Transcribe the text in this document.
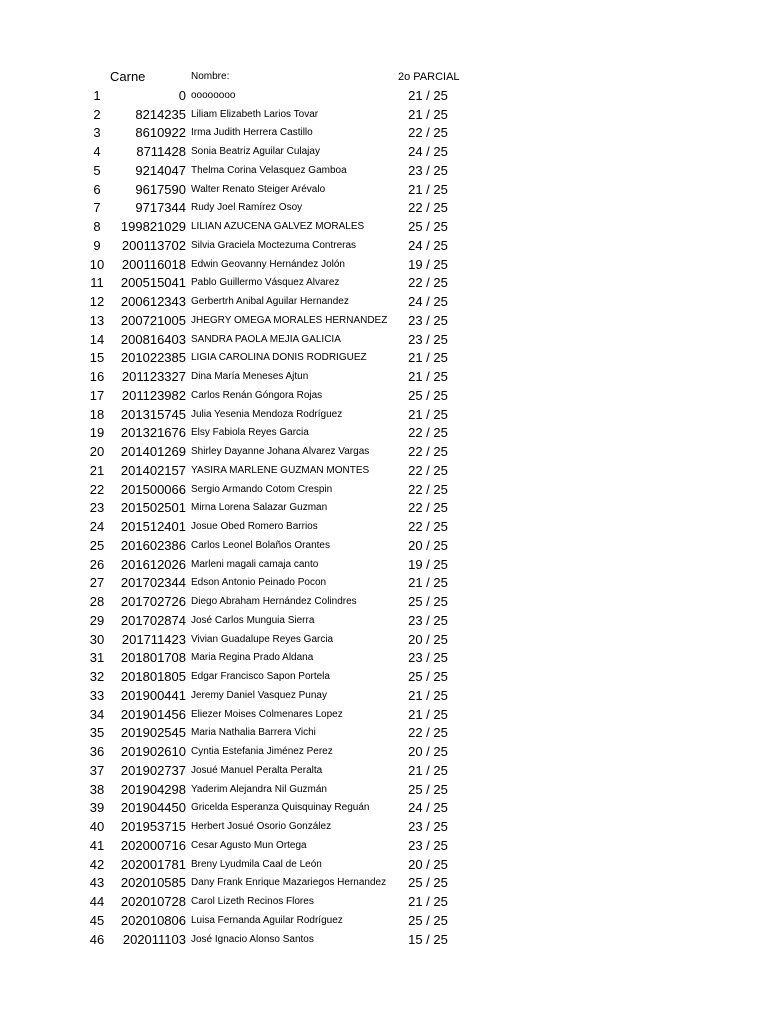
Carne	Nombre:	2o PARCIAL
1	0 oooooooo	21 / 25
2	8214235 Liliam Elizabeth Larios Tovar	21 / 25
3	8610922 Irma Judith Herrera Castillo	22 / 25
4	8711428 Sonia Beatriz Aguilar Culajay	24 / 25
5	9214047 Thelma Corina Velasquez Gamboa	23 / 25
6	9617590 Walter Renato Steiger Arévalo	21 / 25
7	9717344 Rudy Joel Ramírez Osoy	22 / 25
8	199821029 LILIAN AZUCENA GALVEZ MORALES	25 / 25
9	200113702 Silvia Graciela Moctezuma Contreras	24 / 25
10	200116018 Edwin Geovanny Hernández Jolón	19 / 25
11	200515041 Pablo Guillermo Vásquez Alvarez	22 / 25
12	200612343 Gerbertrh Anibal Aguilar Hernandez	24 / 25
13	200721005 JHEGRY OMEGA MORALES HERNANDEZ	23 / 25
14	200816403 SANDRA PAOLA MEJIA GALICIA	23 / 25
15	201022385 LIGIA CAROLINA DONIS RODRIGUEZ	21 / 25
16	201123327 Dina María Meneses Ajtun	21 / 25
17	201123982 Carlos Renán Góngora Rojas	25 / 25
18	201315745 Julia Yesenia Mendoza Rodríguez	21 / 25
19	201321676 Elsy Fabiola Reyes Garcia	22 / 25
20	201401269 Shirley Dayanne Johana Alvarez Vargas	22 / 25
21	201402157 YASIRA MARLENE GUZMAN MONTES	22 / 25
22	201500066 Sergio Armando Cotom Crespin	22 / 25
23	201502501 Mirna Lorena Salazar Guzman	22 / 25
24	201512401 Josue Obed Romero Barrios	22 / 25
25	201602386 Carlos Leonel Bolaños Orantes	20 / 25
26	201612026 Marleni magali camaja canto	19 / 25
27	201702344 Edson Antonio Peinado Pocon	21 / 25
28	201702726 Diego Abraham Hernández Colindres	25 / 25
29	201702874 José Carlos Munguia Sierra	23 / 25
30	201711423 Vivian Guadalupe Reyes Garcia	20 / 25
31	201801708 Maria Regina Prado Aldana	23 / 25
32	201801805 Edgar Francisco Sapon Portela	25 / 25
33	201900441 Jeremy Daniel Vasquez Punay	21 / 25
34	201901456 Eliezer Moises Colmenares Lopez	21 / 25
35	201902545 Maria Nathalia Barrera Vichi	22 / 25
36	201902610 Cyntia Estefania Jiménez Perez	20 / 25
37	201902737 Josué Manuel Peralta Peralta	21 / 25
38	201904298 Yaderim Alejandra Nil Guzmán	25 / 25
39	201904450 Gricelda Esperanza Quisquinay Reguán	24 / 25
40	201953715 Herbert Josué Osorio González	23 / 25
41	202000716 Cesar Agusto Mun Ortega	23 / 25
42	202001781 Breny Lyudmila Caal de León	20 / 25
43	202010585 Dany Frank Enrique Mazariegos Hernandez	25 / 25
44	202010728 Carol Lizeth Recinos Flores	21 / 25
45	202010806 Luisa Fernanda Aguilar Rodríguez	25 / 25
46	202011103 José Ignacio Alonso Santos	15 / 25
